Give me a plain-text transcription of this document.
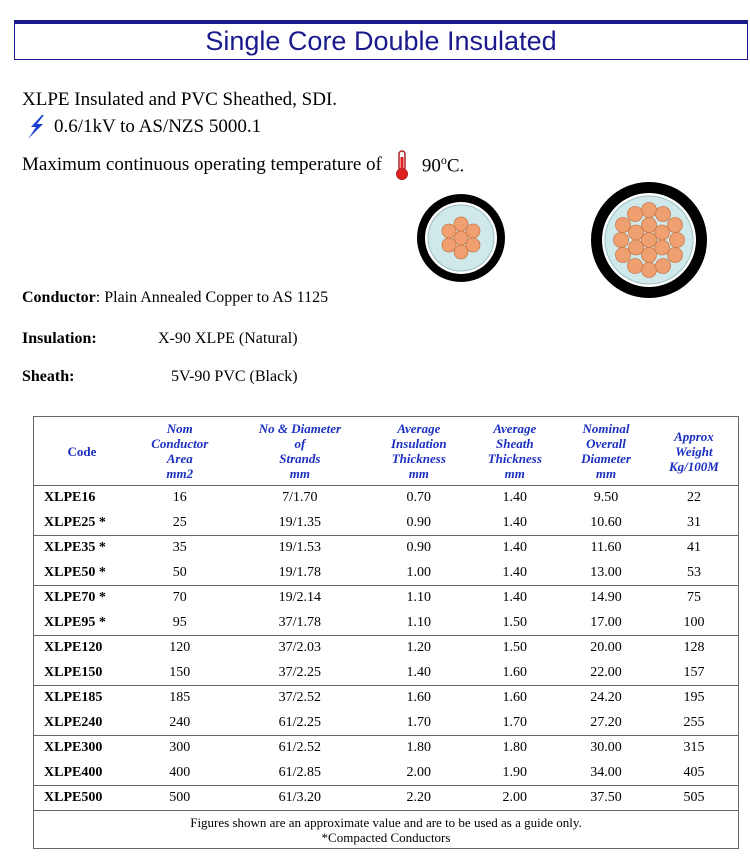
Single Core Double Insulated
XLPE Insulated and PVC Sheathed, SDI.
0.6/1kV to AS/NZS 5000.1
Maximum continuous operating temperature of 90$^o$C.
Conductor: Plain Annealed Copper to AS 1125
Insulation:	X-90 XLPE (Natural)
Sheath:	5V-90 PVC (Black)
Code	Nom
Conductor
Area
mm2	No & Diameter
of
Strands
mm	Average
Insulation
Thickness
mm	Average
Sheath
Thickness
mm	Nominal
Overall
Diameter
mm	Approx
Weight
Kg/100M
XLPE16	16	7/1.70	0.70	1.40	9.50	22
XLPE25 *	25	19/1.35	0.90	1.40	10.60	31
XLPE35 *	35	19/1.53	0.90	1.40	11.60	41
XLPE50 *	50	19/1.78	1.00	1.40	13.00	53
XLPE70 *	70	19/2.14	1.10	1.40	14.90	75
XLPE95 *	95	37/1.78	1.10	1.50	17.00	100
XLPE120	120	37/2.03	1.20	1.50	20.00	128
XLPE150	150	37/2.25	1.40	1.60	22.00	157
XLPE185	185	37/2.52	1.60	1.60	24.20	195
XLPE240	240	61/2.25	1.70	1.70	27.20	255
XLPE300	300	61/2.52	1.80	1.80	30.00	315
XLPE400	400	61/2.85	2.00	1.90	34.00	405
XLPE500	500	61/3.20	2.20	2.00	37.50	505
Figures shown are an approximate value and are to be used as a guide only.
*Compacted Conductors						
